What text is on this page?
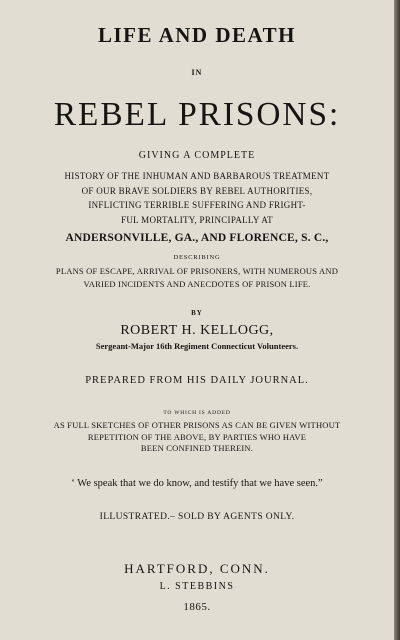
LIFE AND DEATH
IN
REBEL PRISONS:
GIVING A COMPLETE
HISTORY OF THE INHUMAN AND BARBAROUS TREATMENT
OF OUR BRAVE SOLDIERS BY REBEL AUTHORITIES,
INFLICTING TERRIBLE SUFFERING AND FRIGHT-
FUL MORTALITY, PRINCIPALLY AT
ANDERSONVILLE, GA., AND FLORENCE, S. C.,
DESCRIBING
PLANS OF ESCAPE, ARRIVAL OF PRISONERS, WITH NUMEROUS AND
VARIED INCIDENTS AND ANECDOTES OF PRISON LIFE.
BY
ROBERT H. KELLOGG,
Sergeant-Major 16th Regiment Connecticut Volunteers.
PREPARED FROM HIS DAILY JOURNAL.
TO WHICH IS ADDED
AS FULL SKETCHES OF OTHER PRISONS AS CAN BE GIVEN WITHOUT
REPETITION OF THE ABOVE, BY PARTIES WHO HAVE
BEEN CONFINED THEREIN.
‘ We speak that we do know, and testify that we have seen.”
ILLUSTRATED.– SOLD BY AGENTS ONLY.
HARTFORD, CONN.
L. STEBBINS
1865.
